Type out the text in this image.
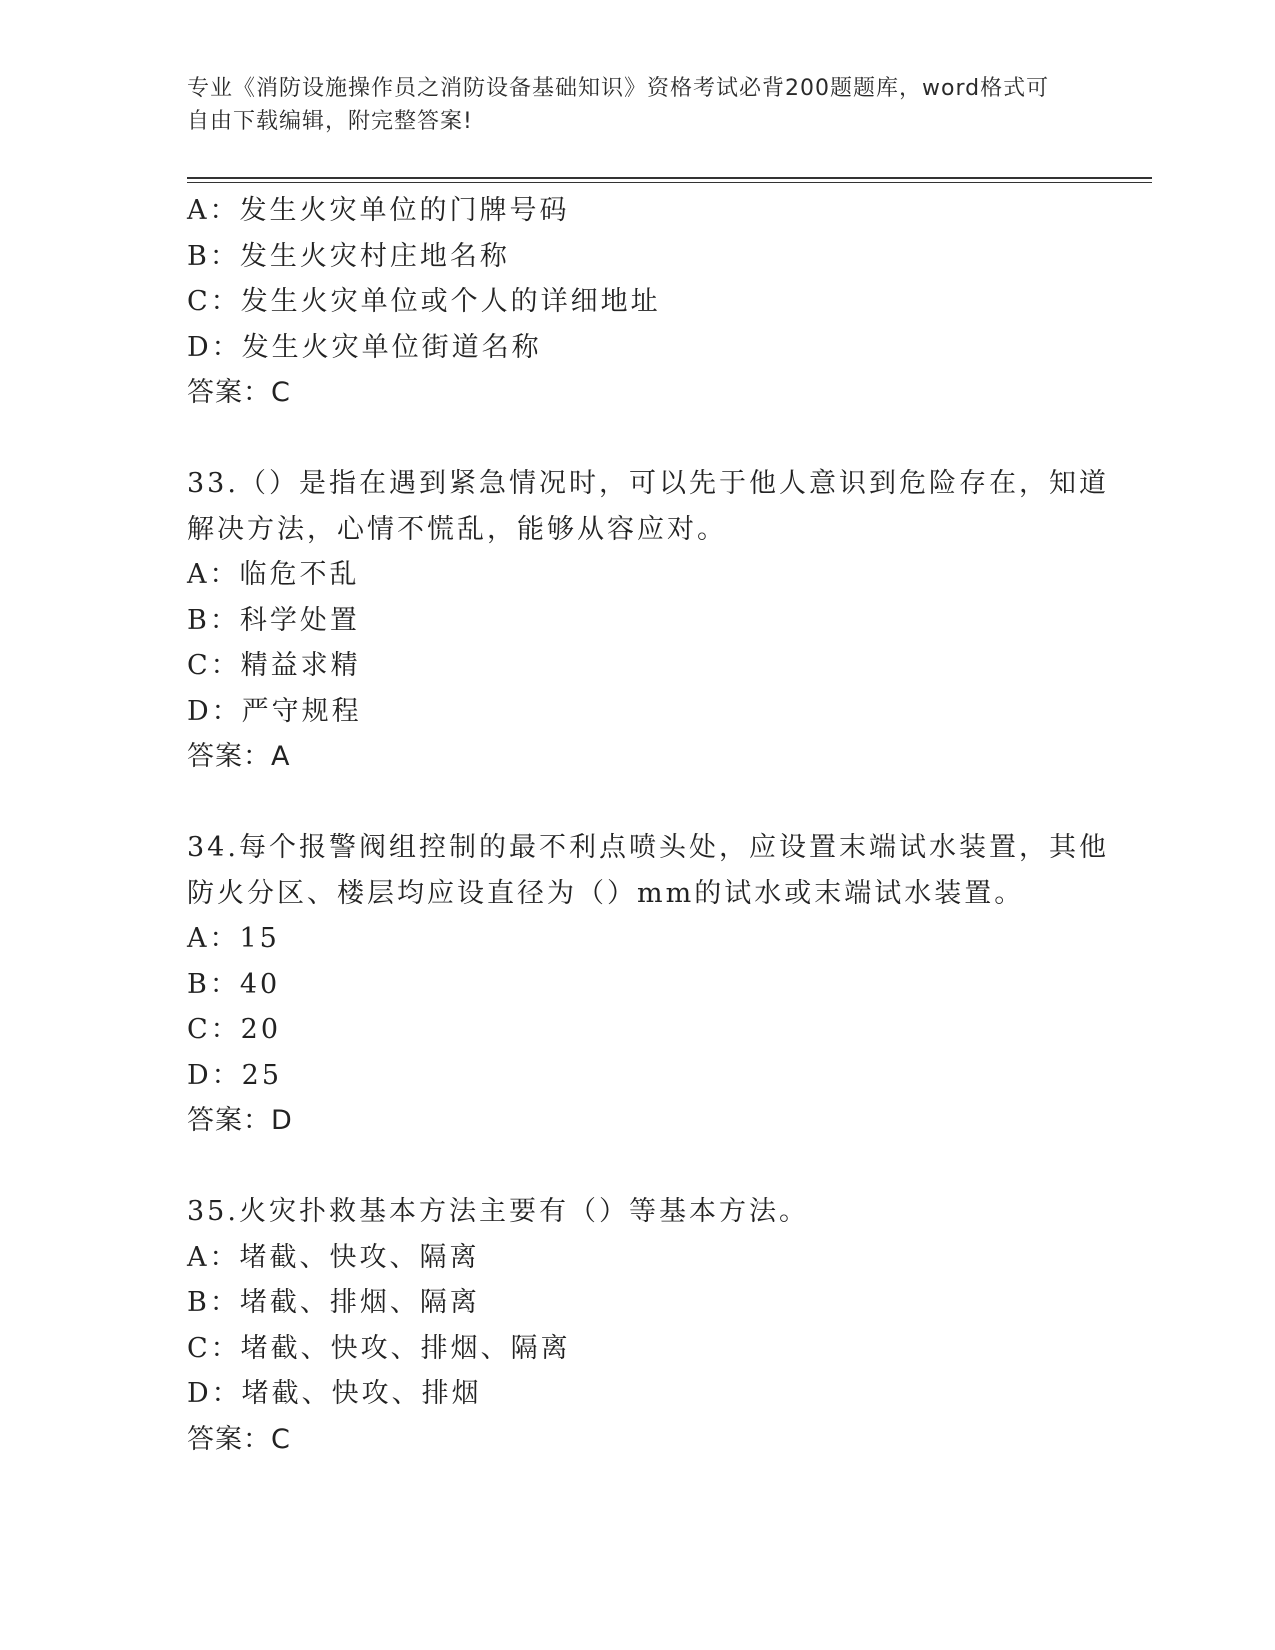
专业《消防设施操作员之消防设备基础知识》资格考试必背200题题库，word格式可自由下载编辑，附完整答案!
A：发生火灾单位的门牌号码
B：发生火灾村庄地名称
C：发生火灾单位或个人的详细地址
D：发生火灾单位街道名称
答案：C
33.（）是指在遇到紧急情况时，可以先于他人意识到危险存在，知道
解决方法，心情不慌乱，能够从容应对。
A：临危不乱
B：科学处置
C：精益求精
D：严守规程
答案：A
34.每个报警阀组控制的最不利点喷头处，应设置末端试水装置，其他
防火分区、楼层均应设直径为（）mm的试水或末端试水装置。
A：15
B：40
C：20
D：25
答案：D
35.火灾扑救基本方法主要有（）等基本方法。
A：堵截、快攻、隔离
B：堵截、排烟、隔离
C：堵截、快攻、排烟、隔离
D：堵截、快攻、排烟
答案：C
